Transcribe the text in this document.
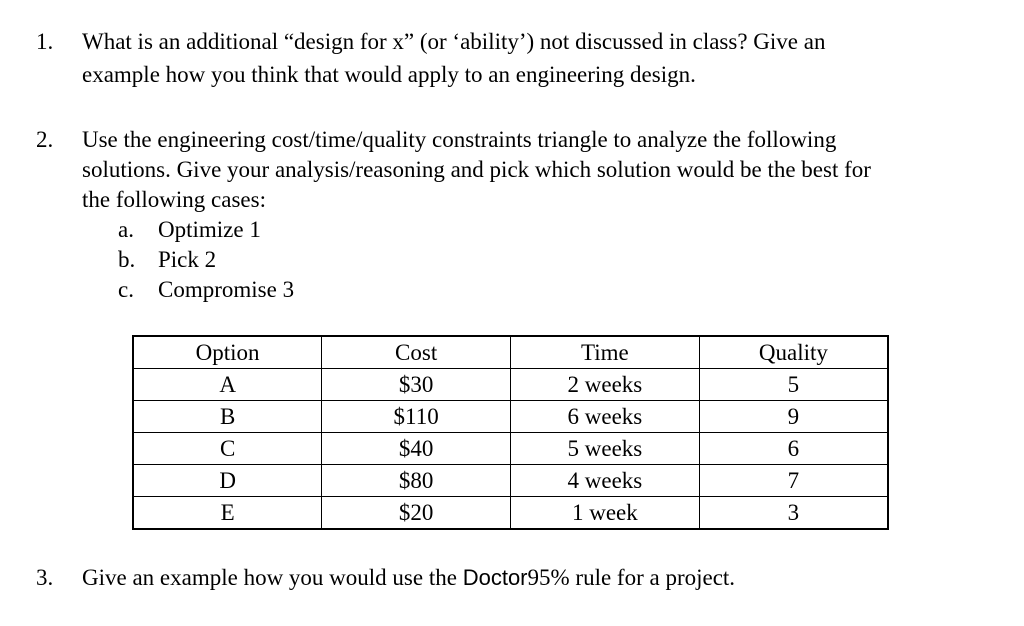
1.	What is an additional “design for x” (or ‘ability’) not discussed in class? Give an
example how you think that would apply to an engineering design.
2.	Use the engineering cost/time/quality constraints triangle to analyze the following
solutions. Give your analysis/reasoning and pick which solution would be the best for
the following cases:
a. Optimize 1
b. Pick 2
c. Compromise 3
Option	Cost	Time	Quality
A	$30	2 weeks	5
B	$110	6 weeks	9
C	$40	5 weeks	6
D	$80	4 weeks	7
E	$20	1 week	3
3.	Give an example how you would use the Doctor95% rule for a project.
